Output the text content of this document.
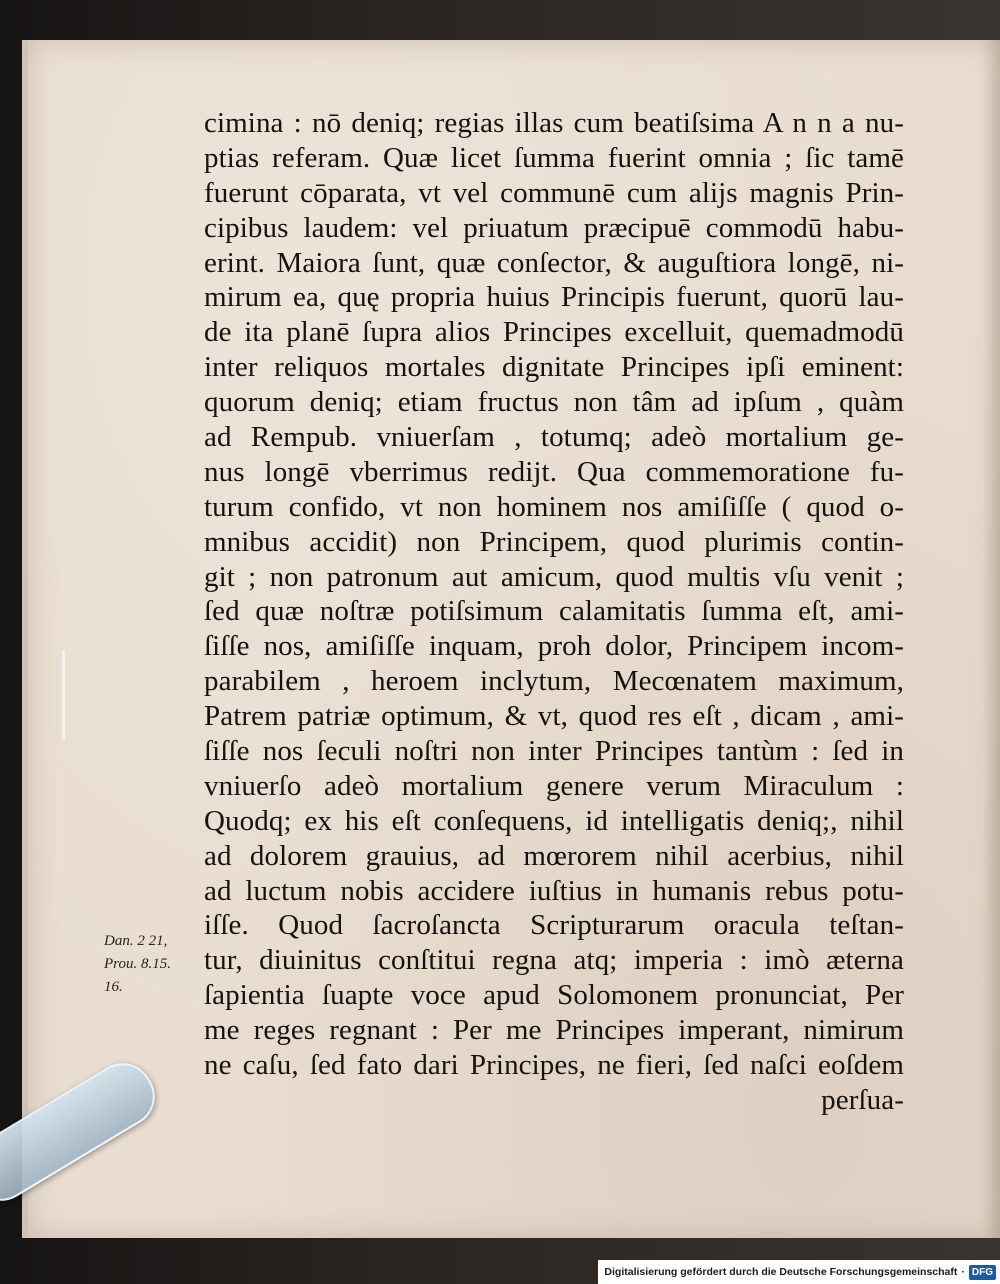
cimina : nō deniq; regias illas cum beatiſsima A n n a nu-
ptias referam. Quæ licet ſumma fuerint omnia ; ſic tamē
fuerunt cōparata, vt vel communē cum alijs magnis Prin-
cipibus laudem: vel priuatum præcipuē commodū habu-
erint. Maiora ſunt, quæ conſector, & auguſtiora longē, ni-
mirum ea, quę propria huius Principis fuerunt, quorū lau-
de ita planē ſupra alios Principes excelluit, quemadmodū
inter reliquos mortales dignitate Principes ipſi eminent:
quorum deniq; etiam fructus non tâm ad ipſum , quàm
ad Rempub. vniuerſam , totumq; adeò mortalium ge-
nus longē vberrimus redijt. Qua commemoratione fu-
turum confido, vt non hominem nos amiſiſſe ( quod o-
mnibus accidit) non Principem, quod plurimis contin-
git ; non patronum aut amicum, quod multis vſu venit ;
ſed quæ noſtræ potiſsimum calamitatis ſumma eſt, ami-
ſiſſe nos, amiſiſſe inquam, proh dolor, Principem incom-
parabilem , heroem inclytum, Mecœnatem maximum,
Patrem patriæ optimum, & vt, quod res eſt , dicam , ami-
ſiſſe nos ſeculi noſtri non inter Principes tantùm : ſed in
vniuerſo adeò mortalium genere verum Miraculum :
Quodq; ex his eſt conſequens, id intelligatis deniq;, nihil
ad dolorem grauius, ad mœrorem nihil acerbius, nihil
ad luctum nobis accidere iuſtius in humanis rebus potu-
iſſe. Quod ſacroſancta Scripturarum oracula teſtan-
tur, diuinitus conſtitui regna atq; imperia : imò æterna
ſapientia ſuapte voce apud Solomonem pronunciat, Per
me reges regnant : Per me Principes imperant, nimirum
ne caſu, ſed fato dari Principes, ne fieri, ſed naſci eoſdem
perſua-
Dan. 2 21,
Prou. 8.15.
16.
Digitalisierung gefördert durch die Deutsche Forschungsgemeinschaft · DFG
